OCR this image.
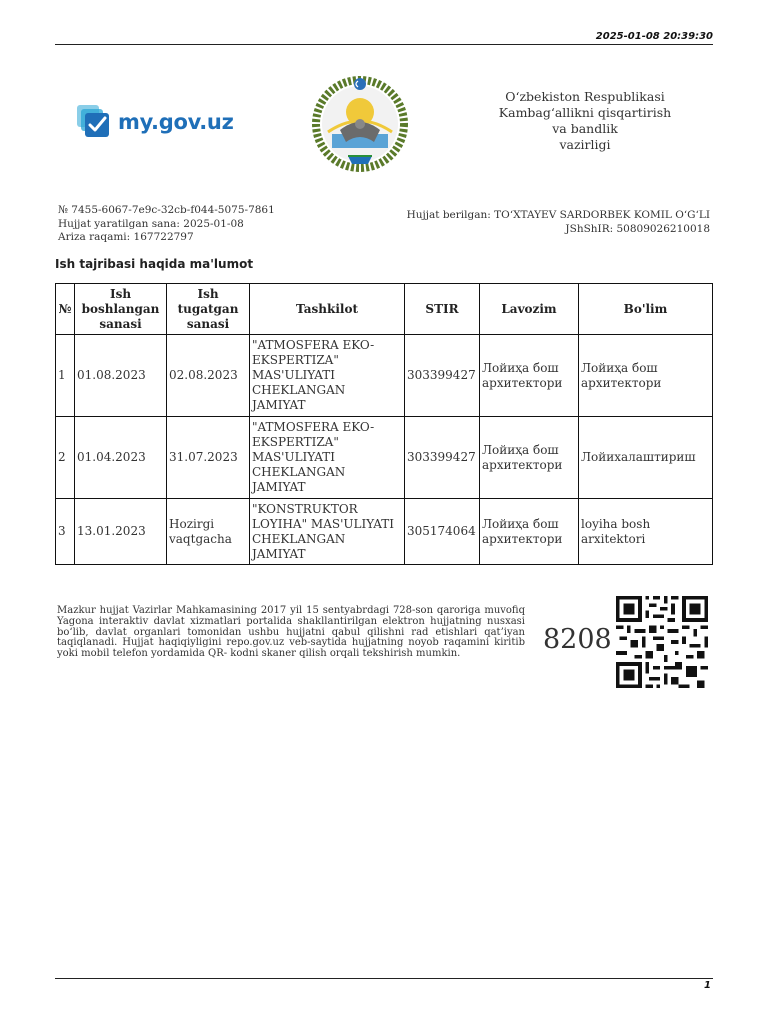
2025-01-08 20:39:30
my.gov.uz
O‘zbekiston Respublikasi
Kambag‘allikni qisqartirish
va bandlik
vazirligi
№ 7455-6067-7e9c-32cb-f044-5075-7861
Hujjat yaratilgan sana: 2025-01-08
Ariza raqami: 167722797
Hujjat berilgan: TO‘XTAYEV SARDORBEK KOMIL O‘G‘LI
JShShIR: 50809026210018
Ish tajribasi haqida ma'lumot
№	Ish boshlangan sanasi	Ish tugatgan sanasi	Tashkilot	STIR	Lavozim	Bo'lim
1	01.08.2023	02.08.2023	"ATMOSFERA EKO-EKSPERTIZA" MAS'ULIYATI CHEKLANGAN JAMIYAT	303399427	Лойиҳа бош архитектори	Лойиҳа бош архитектори
2	01.04.2023	31.07.2023	"ATMOSFERA EKO-EKSPERTIZA" MAS'ULIYATI CHEKLANGAN JAMIYAT	303399427	Лойиҳа бош архитектори	Лойихалаштириш
3	13.01.2023	Hozirgi vaqtgacha	"KONSTRUKTOR LOYIHA" MAS'ULIYATI CHEKLANGAN JAMIYAT	305174064	Лойиҳа бош архитектори	loyiha bosh arxitektori
Mazkur hujjat Vazirlar Mahkamasining 2017 yil 15 sentyabrdagi 728-son qaroriga muvofiq Yagona interaktiv davlat xizmatlari portalida shakllantirilgan elektron hujjatning nusxasi bo‘lib, davlat organlari tomonidan ushbu hujjatni qabul qilishni rad etishlari qat’iyan taqiqlanadi. Hujjat haqiqiyligini repo.gov.uz veb-saytida hujjatning noyob raqamini kiritib yoki mobil telefon yordamida QR- kodni skaner qilish orqali tekshirish mumkin.	8208
1
